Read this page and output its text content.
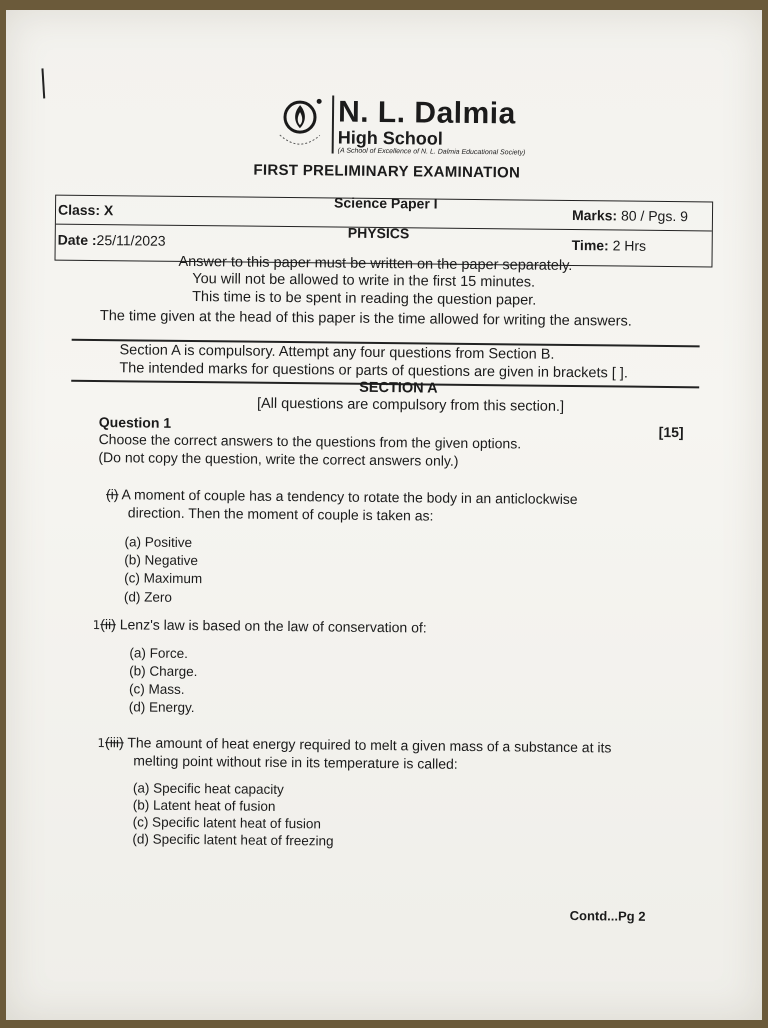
N. L. Dalmia
High School
(A School of Excellence of N. L. Dalmia Educational Society)
FIRST PRELIMINARY EXAMINATION
Class: X	Science Paper I
Marks: 80 / Pgs. 9
Date :25/11/2023	PHYSICS
Time: 2 Hrs
Answer to this paper must be written on the paper separately.
You will not be allowed to write in the first 15 minutes.
This time is to be spent in reading the question paper.
The time given at the head of this paper is the time allowed for writing the answers.
Section A is compulsory. Attempt any four questions from Section B.
The intended marks for questions or parts of questions are given in brackets [ ].
SECTION A
[All questions are compulsory from this section.]
Question 1
[15]
Choose the correct answers to the questions from the given options.
(Do not copy the question, write the correct answers only.)
(i) A moment of couple has a tendency to rotate the body in an anticlockwise
direction. Then the moment of couple is taken as:
(a) Positive
(b) Negative
(c) Maximum
(d) Zero
1(ii) Lenz's law is based on the law of conservation of:
(a) Force.
(b) Charge.
(c) Mass.
(d) Energy.
1(iii) The amount of heat energy required to melt a given mass of a substance at its
melting point without rise in its temperature is called:
(a) Specific heat capacity
(b) Latent heat of fusion
(c) Specific latent heat of fusion
(d) Specific latent heat of freezing
Contd...Pg 2
